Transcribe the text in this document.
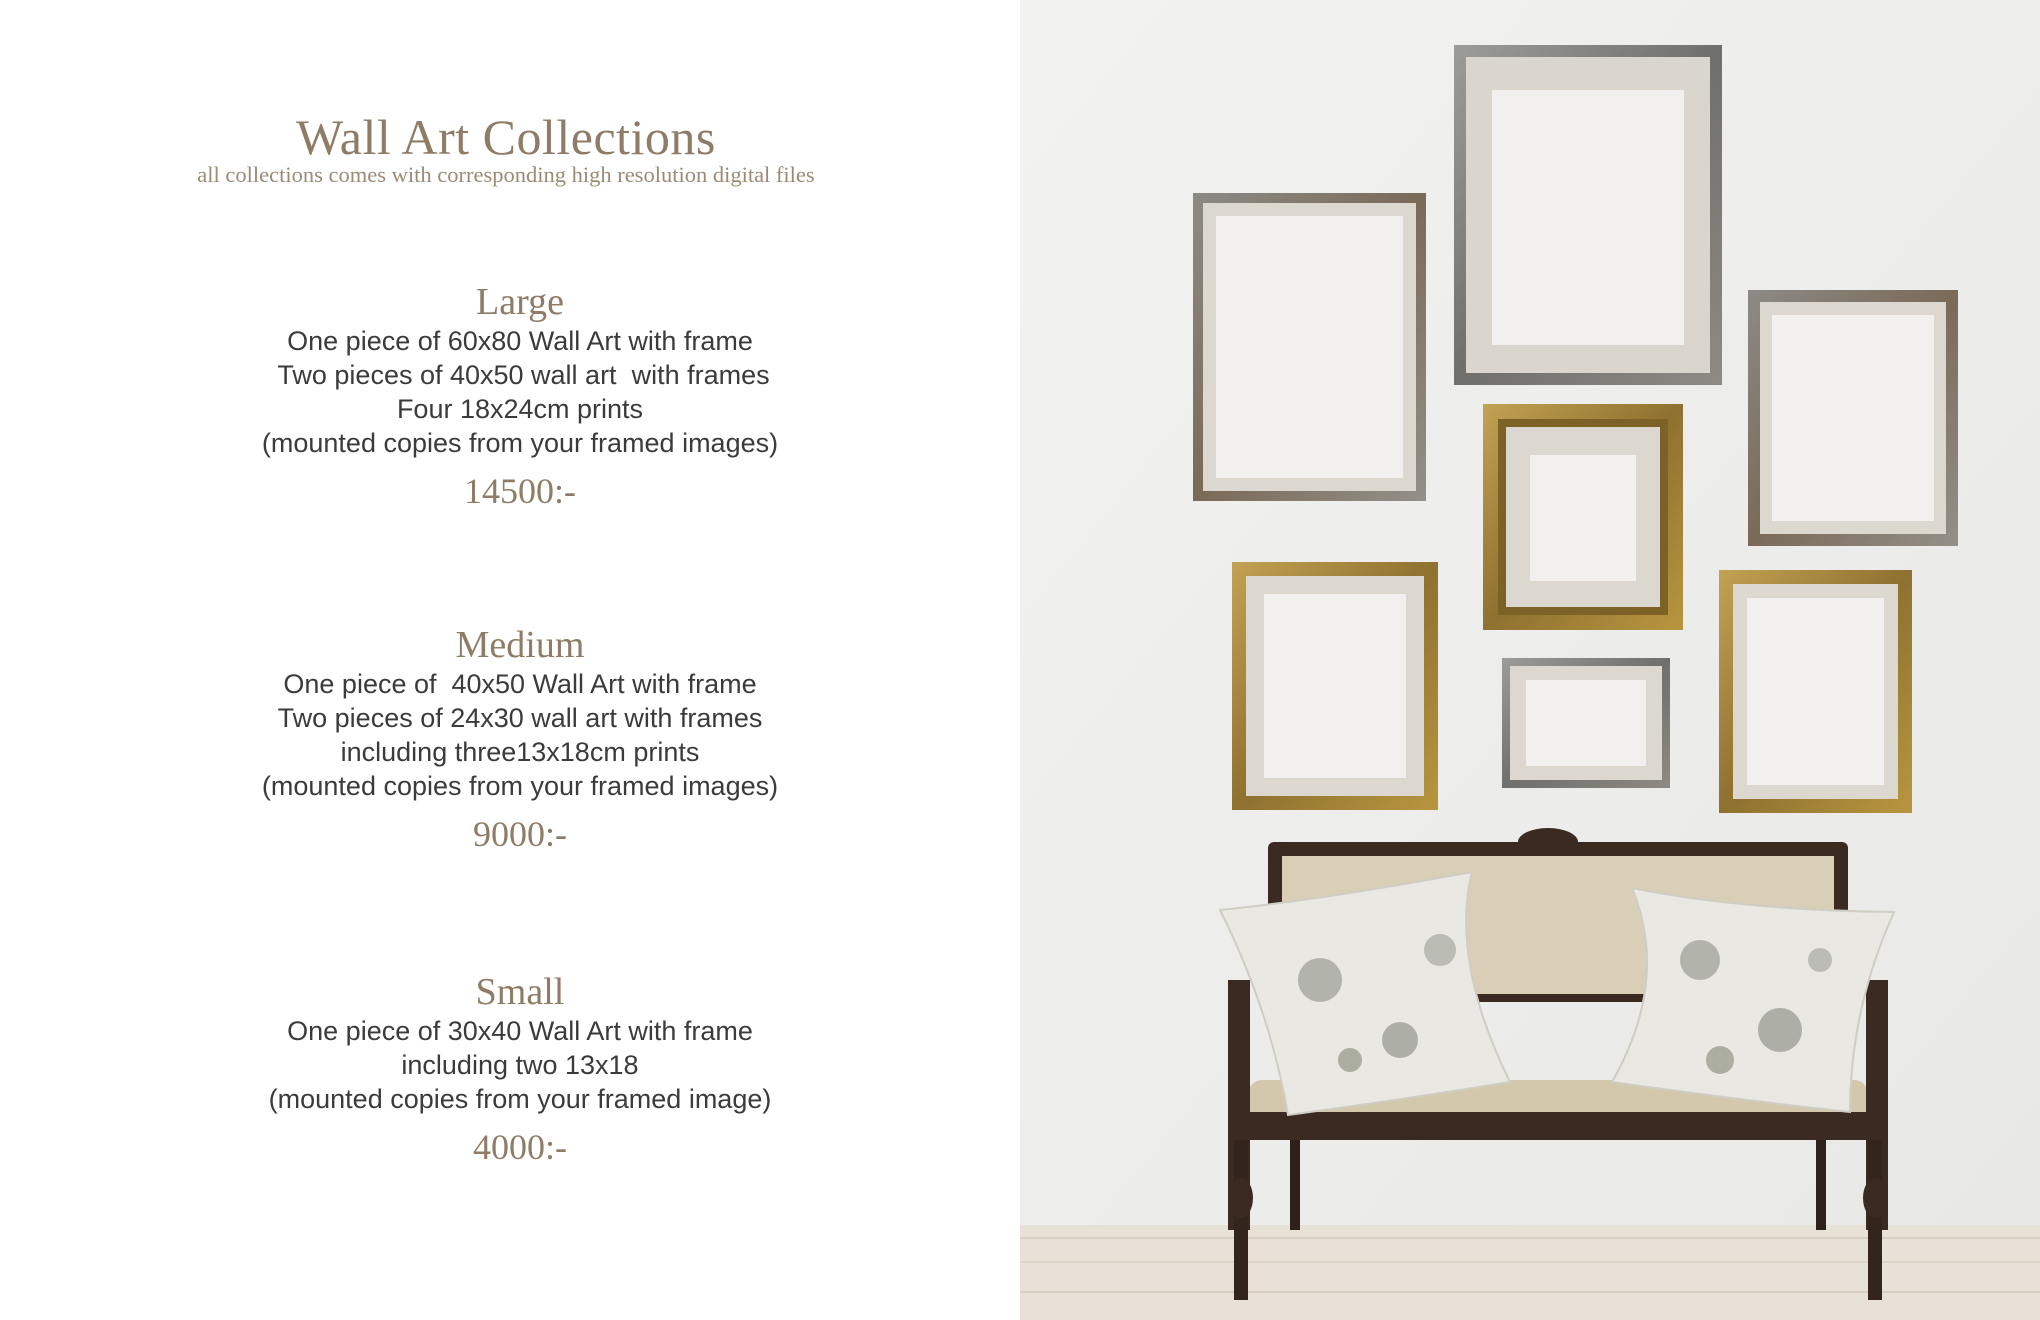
Wall Art Collections
all collections comes with corresponding high resolution digital files
Large
One piece of 60x80 Wall Art with frame
Two pieces of 40x50 wall art  with frames
Four 18x24cm prints
(mounted copies from your framed images)
14500:-
Medium
One piece of  40x50 Wall Art with frame
Two pieces of 24x30 wall art with frames
including three13x18cm prints
(mounted copies from your framed images)
9000:-
Small
One piece of 30x40 Wall Art with frame
including two 13x18
(mounted copies from your framed image)
4000:-
